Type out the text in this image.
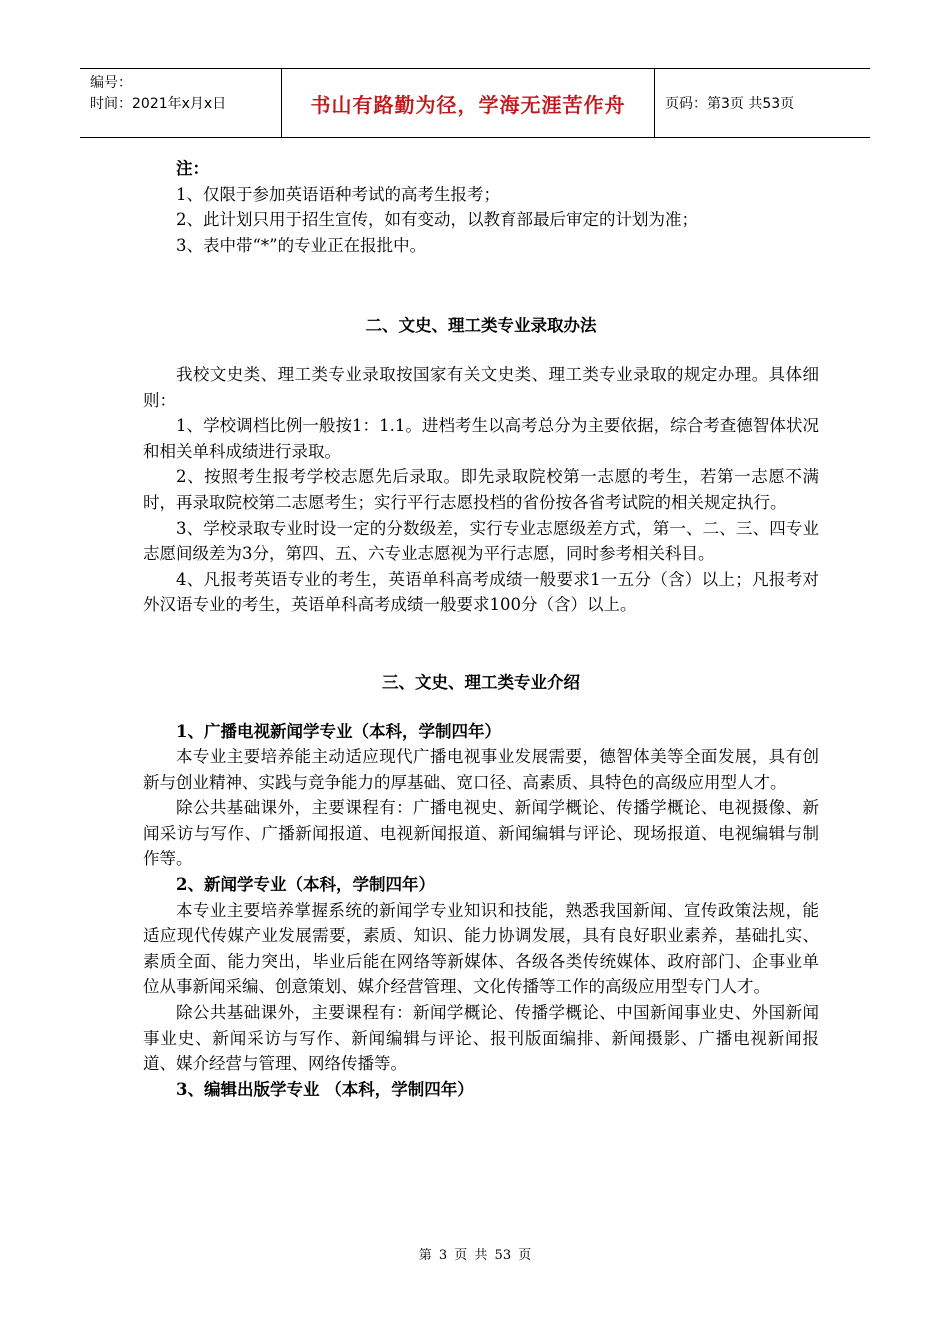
编号：
时间：2021年x月x日	书山有路勤为径，学海无涯苦作舟	页码：第3页 共53页

注：

1、仅限于参加英语语种考试的高考生报考；

2、此计划只用于招生宣传，如有变动，以教育部最后审定的计划为准；

3、表中带“*”的专业正在报批中。

二、文史、理工类专业录取办法

我校文史类、理工类专业录取按国家有关文史类、理工类专业录取的规定办理。具体细则：

1、学校调档比例一般按1：1.1。进档考生以高考总分为主要依据，综合考查德智体状况和相关单科成绩进行录取。

2、按照考生报考学校志愿先后录取。即先录取院校第一志愿的考生，若第一志愿不满时，再录取院校第二志愿考生；实行平行志愿投档的省份按各省考试院的相关规定执行。

3、学校录取专业时设一定的分数级差，实行专业志愿级差方式，第一、二、三、四专业志愿间级差为3分，第四、五、六专业志愿视为平行志愿，同时参考相关科目。

4、凡报考英语专业的考生，英语单科高考成绩一般要求1一五分（含）以上；凡报考对外汉语专业的考生，英语单科高考成绩一般要求100分（含）以上。

三、文史、理工类专业介绍

1、广播电视新闻学专业（本科，学制四年）

本专业主要培养能主动适应现代广播电视事业发展需要，德智体美等全面发展，具有创新与创业精神、实践与竞争能力的厚基础、宽口径、高素质、具特色的高级应用型人才。

除公共基础课外，主要课程有：广播电视史、新闻学概论、传播学概论、电视摄像、新闻采访与写作、广播新闻报道、电视新闻报道、新闻编辑与评论、现场报道、电视编辑与制作等。

2、新闻学专业（本科，学制四年）

本专业主要培养掌握系统的新闻学专业知识和技能，熟悉我国新闻、宣传政策法规，能适应现代传媒产业发展需要，素质、知识、能力协调发展，具有良好职业素养，基础扎实、素质全面、能力突出，毕业后能在网络等新媒体、各级各类传统媒体、政府部门、企事业单位从事新闻采编、创意策划、媒介经营管理、文化传播等工作的高级应用型专门人才。

除公共基础课外，主要课程有：新闻学概论、传播学概论、中国新闻事业史、外国新闻事业史、新闻采访与写作、新闻编辑与评论、报刊版面编排、新闻摄影、广播电视新闻报道、媒介经营与管理、网络传播等。

3、编辑出版学专业 （本科，学制四年）

第 3 页 共 53 页
